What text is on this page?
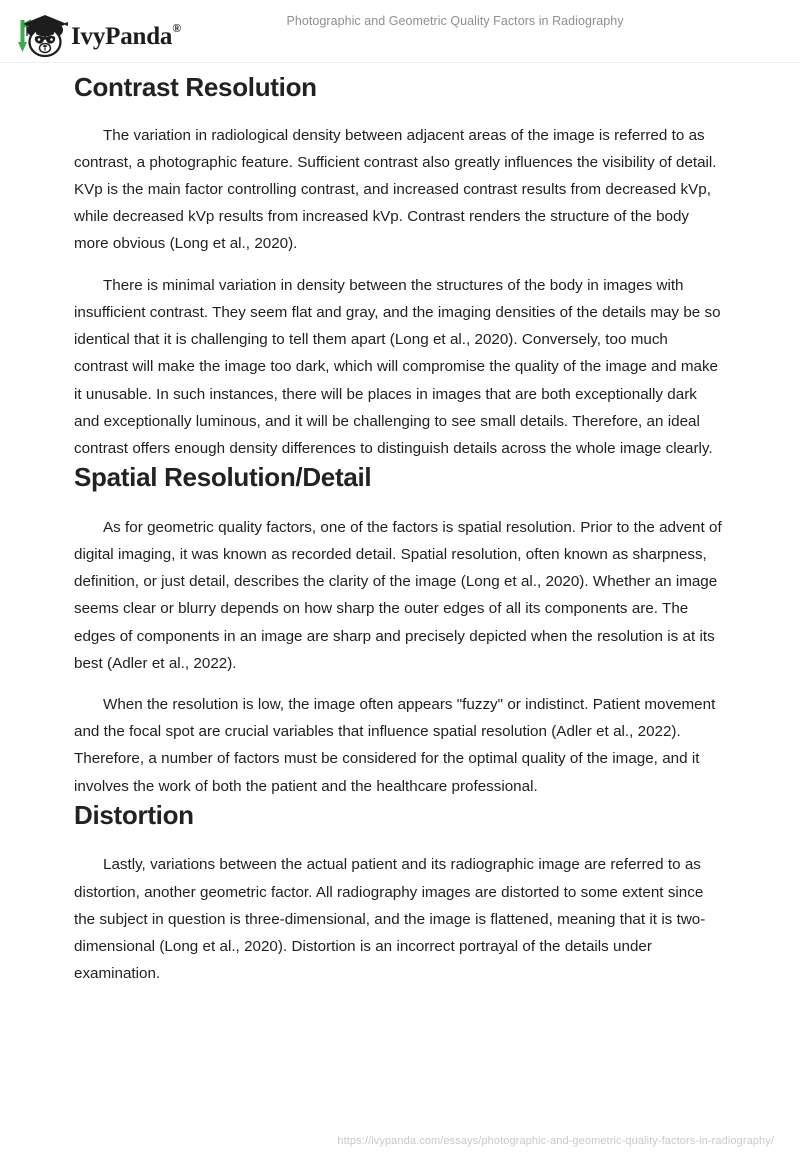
IvyPanda®
Photographic and Geometric Quality Factors in Radiography
Contrast Resolution

The variation in radiological density between adjacent areas of the image is referred to as contrast, a photographic feature. Sufficient contrast also greatly influences the visibility of detail. KVp is the main factor controlling contrast, and increased contrast results from decreased kVp, while decreased kVp results from increased kVp. Contrast renders the structure of the body more obvious (Long et al., 2020).

There is minimal variation in density between the structures of the body in images with insufficient contrast. They seem flat and gray, and the imaging densities of the details may be so identical that it is challenging to tell them apart (Long et al., 2020). Conversely, too much contrast will make the image too dark, which will compromise the quality of the image and make it unusable. In such instances, there will be places in images that are both exceptionally dark and exceptionally luminous, and it will be challenging to see small details. Therefore, an ideal contrast offers enough density differences to distinguish details across the whole image clearly.

Spatial Resolution/Detail

As for geometric quality factors, one of the factors is spatial resolution. Prior to the advent of digital imaging, it was known as recorded detail. Spatial resolution, often known as sharpness, definition, or just detail, describes the clarity of the image (Long et al., 2020). Whether an image seems clear or blurry depends on how sharp the outer edges of all its components are. The edges of components in an image are sharp and precisely depicted when the resolution is at its best (Adler et al., 2022).

When the resolution is low, the image often appears "fuzzy" or indistinct. Patient movement and the focal spot are crucial variables that influence spatial resolution (Adler et al., 2022). Therefore, a number of factors must be considered for the optimal quality of the image, and it involves the work of both the patient and the healthcare professional.

Distortion

Lastly, variations between the actual patient and its radiographic image are referred to as distortion, another geometric factor. All radiography images are distorted to some extent since the subject in question is three-dimensional, and the image is flattened, meaning that it is two-dimensional (Long et al., 2020). Distortion is an incorrect portrayal of the details under examination.

https://ivypanda.com/essays/photographic-and-geometric-quality-factors-in-radiography/
